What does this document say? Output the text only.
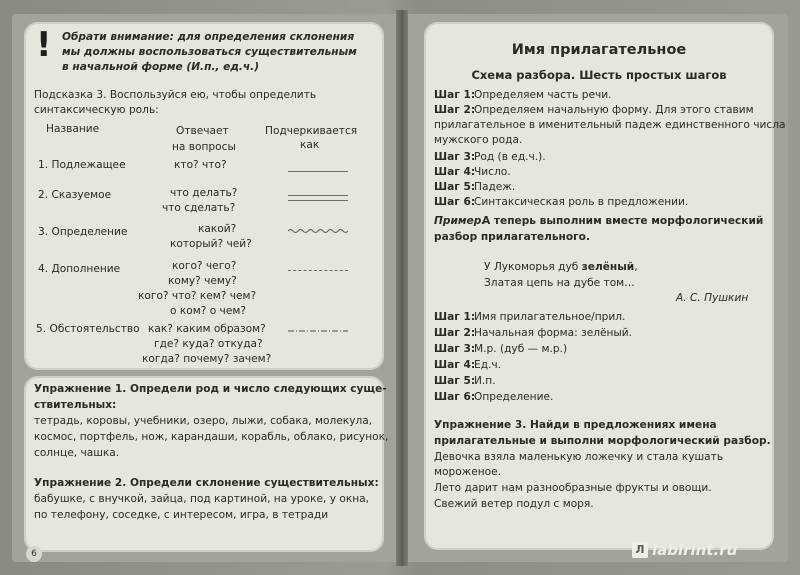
! Обрати внимание: для определения склонения
мы должны воспользоваться существительным
в начальной форме (И.п., ед.ч.)
Подсказка 3. Воспользуйся ею, чтобы определить
синтаксическую роль:
Название	Отвечает
на вопросы
Подчеркивается
как
1. Подлежащее	кто? что?
2. Сказуемое	что делать?
что сделать?
3. Определение	какой?
который? чей?
4. Дополнение	кого? чего?
кому? чему?
кого? что? кем? чем?
о ком? о чем?
5. Обстоятельство как? каким образом?
где? куда? откуда?
когда? почему? зачем?
Упражнение 1. Определи род и число следующих суще-
ствительных:
тетрадь, коровы, учебники, озеро, лыжи, собака, молекула,
космос, портфель, нож, карандаши, корабль, облако, рисунок,
солнце, чашка.
Упражнение 2. Определи склонение существительных:
бабушке, с внучкой, зайца, под картиной, на уроке, у окна,
по телефону, соседке, с интересом, игра, в тетради
6
Имя прилагательное
Схема разбора. Шесть простых шагов
Шаг 1:
Определяем часть речи.
Шаг 2:
Определяем начальную форму. Для этого ставим
прилагательное в именительный падеж единственного числа
мужского рода.
Шаг 3:
Род (в ед.ч.).
Шаг 4:
Число.
Шаг 5:
Падеж.
Шаг 6:
Синтаксическая роль в предложении.
Пример.
А теперь выполним вместе морфологический
разбор прилагательного.
У Лукоморья дуб зелёный,
Златая цепь на дубе том…
А. С. Пушкин
Шаг 1:
Имя прилагательное/прил.
Шаг 2:
Начальная форма: зелёный.
Шаг 3:
М.р. (дуб — м.р.)
Шаг 4:
Ед.ч.
Шаг 5:
И.п.
Шаг 6:
Определение.
Упражнение 3. Найди в предложениях имена
прилагательные и выполни морфологический разбор.
Девочка взяла маленькую ложечку и стала кушать
мороженое.
Лето дарит нам разнообразные фрукты и овощи.
Свежий ветер подул с моря.
Л labirint.ru
